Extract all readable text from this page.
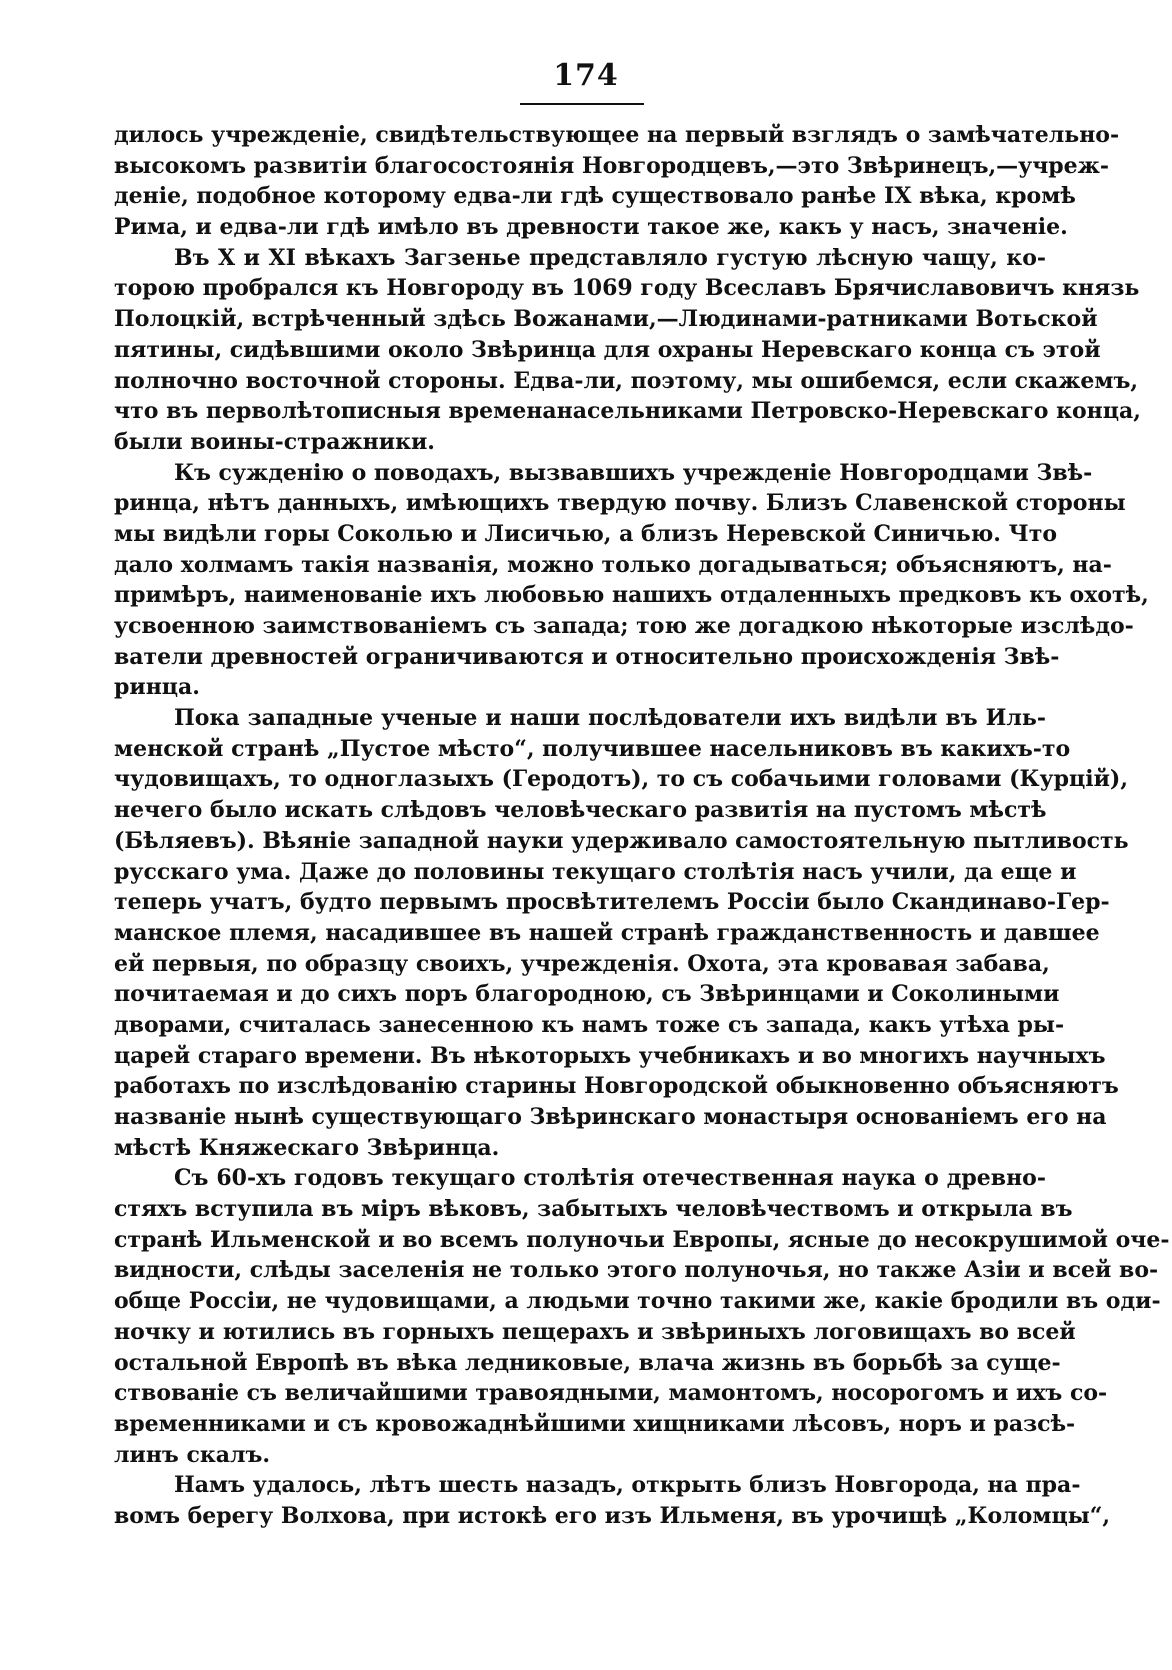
174
дилось учрежденіе, свидѣтельствующее на первый взглядъ о замѣчательно-
высокомъ развитіи благосостоянія Новгородцевъ,—это Звѣринецъ,—учреж-
деніе, подобное которому едва-ли гдѣ существовало ранѣе IX вѣка, кромѣ
Рима, и едва-ли гдѣ имѣло въ древности такое же, какъ у насъ, значеніе.
Въ X и XI вѣкахъ Загзенье представляло густую лѣсную чащу, ко-
торою пробрался къ Новгороду въ 1069 году Всеславъ Брячиславовичъ князь
Полоцкій, встрѣченный здѣсь Вожанами,—Людинами-ратниками Вотьской
пятины, сидѣвшими около Звѣринца для охраны Неревскаго конца съ этой
полночно восточной стороны. Едва-ли, поэтому, мы ошибемся, если скажемъ,
что въ перволѣтописныя временанасельниками Петровско-Неревскаго конца,
были воины-стражники.
Къ сужденію о поводахъ, вызвавшихъ учрежденіе Новгородцами Звѣ-
ринца, нѣтъ данныхъ, имѣющихъ твердую почву. Близъ Славенской стороны
мы видѣли горы Соколью и Лисичью, а близъ Неревской Синичью. Что
дало холмамъ такія названія, можно только догадываться; объясняютъ, на-
примѣръ, наименованіе ихъ любовью нашихъ отдаленныхъ предковъ къ охотѣ,
усвоенною заимствованіемъ съ запада; тою же догадкою нѣкоторые изслѣдо-
ватели древностей ограничиваются и относительно происхожденія Звѣ-
ринца.
Пока западные ученые и наши послѣдователи ихъ видѣли въ Иль-
менской странѣ „Пустое мѣсто“, получившее насельниковъ въ какихъ-то
чудовищахъ, то одноглазыхъ (Геродотъ), то съ собачьими головами (Курцій),
нечего было искать слѣдовъ человѣческаго развитія на пустомъ мѣстѣ
(Бѣляевъ). Вѣяніе западной науки удерживало самостоятельную пытливость
русскаго ума. Даже до половины текущаго столѣтія насъ учили, да еще и
теперь учатъ, будто первымъ просвѣтителемъ Россіи было Скандинаво-Гер-
манское племя, насадившее въ нашей странѣ гражданственность и давшее
ей первыя, по образцу своихъ, учрежденія. Охота, эта кровавая забава,
почитаемая и до сихъ поръ благородною, съ Звѣринцами и Соколиными
дворами, считалась занесенною къ намъ тоже съ запада, какъ утѣха ры-
царей стараго времени. Въ нѣкоторыхъ учебникахъ и во многихъ научныхъ
работахъ по изслѣдованію старины Новгородской обыкновенно объясняютъ
названіе нынѣ существующаго Звѣринскаго монастыря основаніемъ его на
мѣстѣ Княжескаго Звѣринца.
Съ 60-хъ годовъ текущаго столѣтія отечественная наука о древно-
стяхъ вступила въ міръ вѣковъ, забытыхъ человѣчествомъ и открыла въ
странѣ Ильменской и во всемъ полуночьи Европы, ясные до несокрушимой оче-
видности, слѣды заселенія не только этого полуночья, но также Азіи и всей во-
обще Россіи, не чудовищами, а людьми точно такими же, какіе бродили въ оди-
ночку и ютились въ горныхъ пещерахъ и звѣриныхъ логовищахъ во всей
остальной Европѣ въ вѣка ледниковые, влача жизнь въ борьбѣ за суще-
ствованіе съ величайшими травоядными, мамонтомъ, носорогомъ и ихъ со-
временниками и съ кровожаднѣйшими хищниками лѣсовъ, норъ и разсѣ-
линъ скалъ.
Намъ удалось, лѣтъ шесть назадъ, открыть близъ Новгорода, на пра-
вомъ берегу Волхова, при истокѣ его изъ Ильменя, въ урочищѣ „Коломцы“,
